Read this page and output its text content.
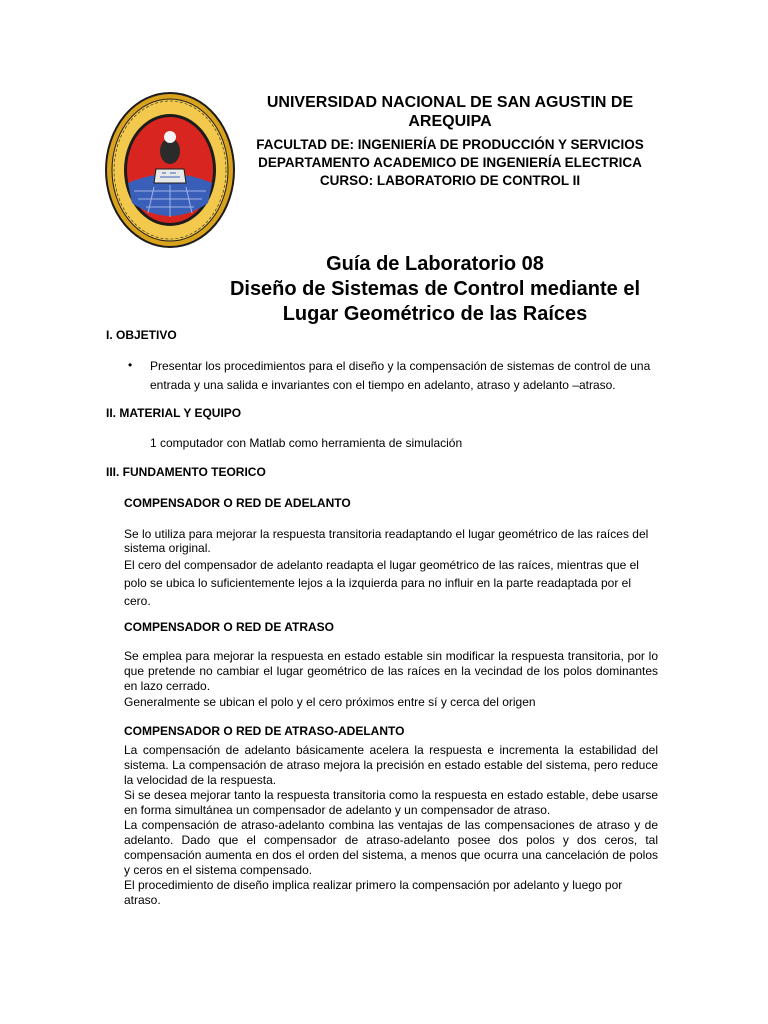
UNIVERSIDAD NACIONAL DE SAN AGUSTIN DE AREQUIPA
FACULTAD DE: INGENIERÍA DE PRODUCCIÓN Y SERVICIOS
DEPARTAMENTO ACADEMICO DE INGENIERÍA ELECTRICA
CURSO: LABORATORIO DE CONTROL II
Guía de Laboratorio 08
Diseño de Sistemas de Control mediante el
Lugar Geométrico de las Raíces
I. OBJETIVO
• Presentar los procedimientos para el diseño y la compensación de sistemas de control de una entrada y una salida e invariantes con el tiempo en adelanto, atraso y adelanto –atraso.
II. MATERIAL Y EQUIPO
1 computador con Matlab como herramienta de simulación
III. FUNDAMENTO TEORICO
COMPENSADOR O RED DE ADELANTO
Se lo utiliza para mejorar la respuesta transitoria readaptando el lugar geométrico de las raíces del sistema original.
El cero del compensador de adelanto readapta el lugar geométrico de las raíces, mientras que el polo se ubica lo suficientemente lejos a la izquierda para no influir en la parte readaptada por el cero.
COMPENSADOR O RED DE ATRASO
Se emplea para mejorar la respuesta en estado estable sin modificar la respuesta transitoria, por lo que pretende no cambiar el lugar geométrico de las raíces en la vecindad de los polos dominantes en lazo cerrado.
Generalmente se ubican el polo y el cero próximos entre sí y cerca del origen
COMPENSADOR O RED DE ATRASO-ADELANTO
La compensación de adelanto básicamente acelera la respuesta e incrementa la estabilidad del sistema. La compensación de atraso mejora la precisión en estado estable del sistema, pero reduce la velocidad de la respuesta.
Si se desea mejorar tanto la respuesta transitoria como la respuesta en estado estable, debe usarse en forma simultánea un compensador de adelanto y un compensador de atraso.
La compensación de atraso-adelanto combina las ventajas de las compensaciones de atraso y de adelanto. Dado que el compensador de atraso-adelanto posee dos polos y dos ceros, tal compensación aumenta en dos el orden del sistema, a menos que ocurra una cancelación de polos y ceros en el sistema compensado.
El procedimiento de diseño implica realizar primero la compensación por adelanto y luego por atraso.
